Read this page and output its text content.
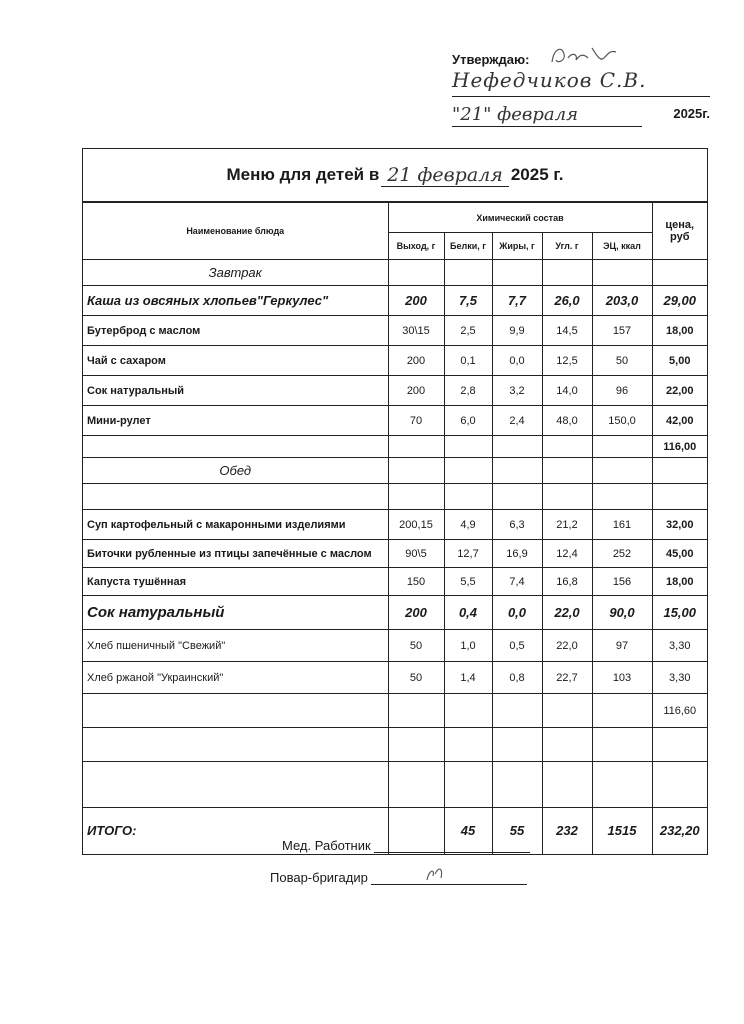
Утверждаю:
Нефедчиков С.В.
"21" февраля	2025г.
Меню для детей в 21 февраля 2025 г.
Наименование блюда	Химический состав					цена, руб
	Выход, г	Белки, г	Жиры, г	Угл. г	ЭЦ, ккал	
Завтрак						
Каша из овсяных хлопьев"Геркулес"	200	7,5	7,7	26,0	203,0	29,00
Бутерброд с маслом	30\15	2,5	9,9	14,5	157	18,00
Чай с сахаром	200	0,1	0,0	12,5	50	5,00
Сок натуральный	200	2,8	3,2	14,0	96	22,00
Мини-рулет	70	6,0	2,4	48,0	150,0	42,00
						116,00
Обед						

Суп картофельный с макаронными изделиями	200,15	4,9	6,3	21,2	161	32,00
Биточки рубленные из птицы запечённые с маслом	90\5	12,7	16,9	12,4	252	45,00
Капуста тушённая	150	5,5	7,4	16,8	156	18,00
Сок натуральный	200	0,4	0,0	22,0	90,0	15,00
Хлеб пшеничный "Свежий"	50	1,0	0,5	22,0	97	3,30
Хлеб ржаной "Украинский"	50	1,4	0,8	22,7	103	3,30
						116,60

ИТОГО:		45	55	232	1515	232,20
Мед. Работник
Повар-бригадир
